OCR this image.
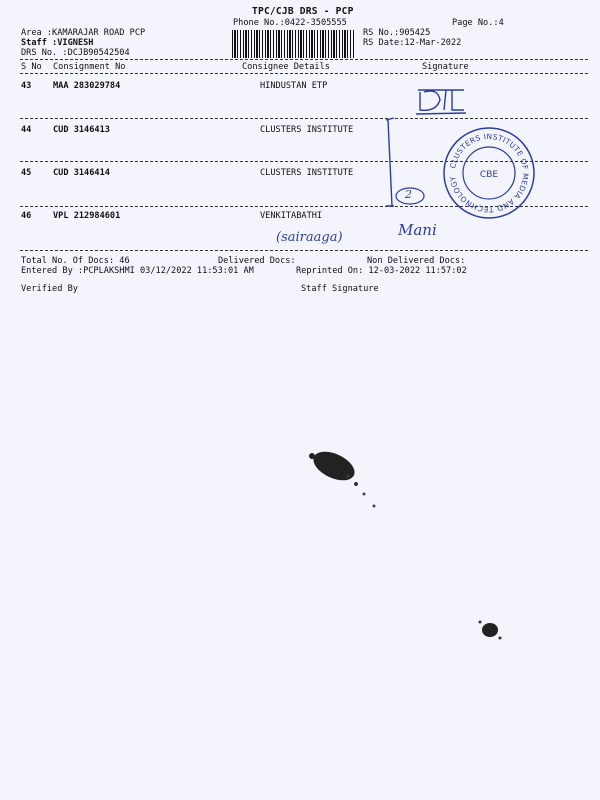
TPC/CJB DRS - PCP
Phone No.:0422-3505555	Page No.:4
Area :KAMARAJAR ROAD PCP
Staff :VIGNESH
DRS No. :DCJB90542504
RS No.:905425
RS Date:12-Mar-2022
S No Consignment No	Consignee Details	Signature
43	MAA 283029784	HINDUSTAN ETP
44	CUD 3146413	CLUSTERS INSTITUTE
45	CUD 3146414	CLUSTERS INSTITUTE
46	VPL 212984601	VENKITABATHI
Total No. Of Docs: 46	Delivered Docs:	Non Delivered Docs:
Entered By :PCPLAKSHMI 03/12/2022 11:53:01 AM	Reprinted On: 12-03-2022 11:57:02
Verified By	Staff Signature
2
Mani
(sairaaga)
CLUSTERS INSTITUTE OF MEDIA AND TECHNOLOGY	CBE
